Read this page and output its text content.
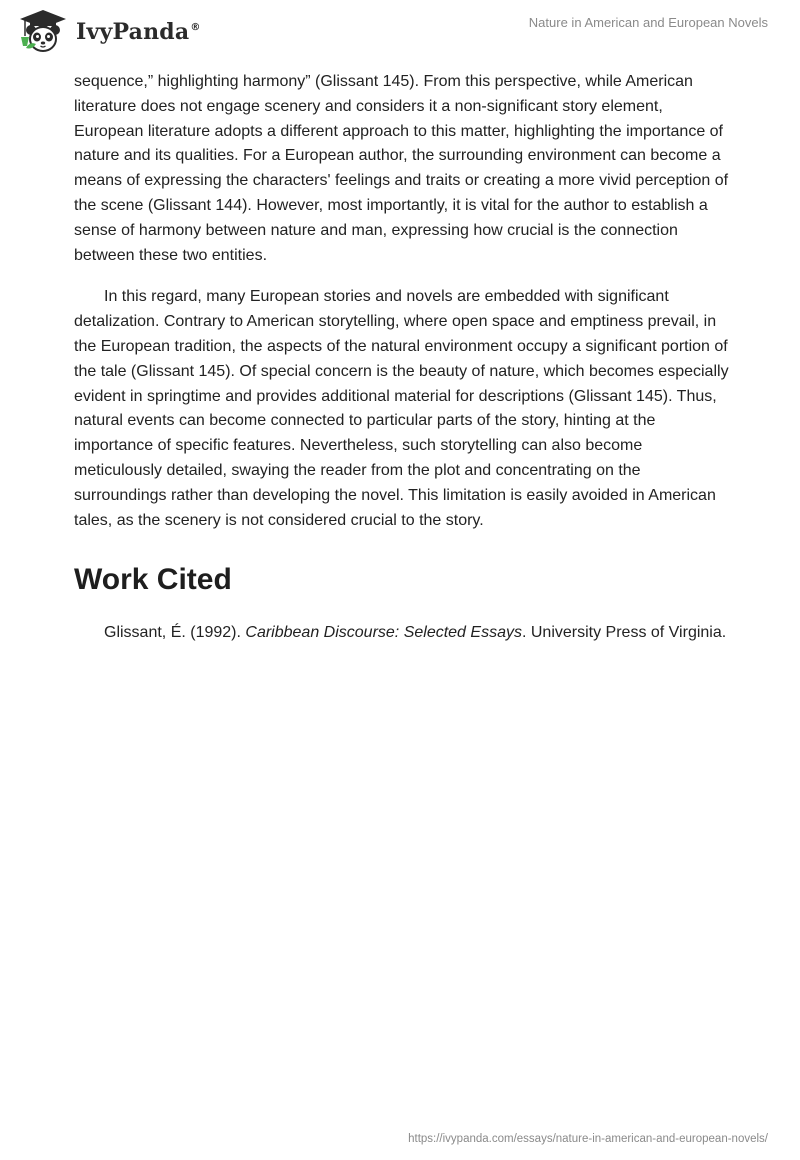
IvyPanda®	Nature in American and European Novels

sequence,” highlighting harmony” (Glissant 145). From this perspective, while American literature does not engage scenery and considers it a non-significant story element, European literature adopts a different approach to this matter, highlighting the importance of nature and its qualities. For a European author, the surrounding environment can become a means of expressing the characters' feelings and traits or creating a more vivid perception of the scene (Glissant 144). However, most importantly, it is vital for the author to establish a sense of harmony between nature and man, expressing how crucial is the connection between these two entities.

In this regard, many European stories and novels are embedded with significant detalization. Contrary to American storytelling, where open space and emptiness prevail, in the European tradition, the aspects of the natural environment occupy a significant portion of the tale (Glissant 145). Of special concern is the beauty of nature, which becomes especially evident in springtime and provides additional material for descriptions (Glissant 145). Thus, natural events can become connected to particular parts of the story, hinting at the importance of specific features. Nevertheless, such storytelling can also become meticulously detailed, swaying the reader from the plot and concentrating on the surroundings rather than developing the novel. This limitation is easily avoided in American tales, as the scenery is not considered crucial to the story.

Work Cited

Glissant, É. (1992). Caribbean Discourse: Selected Essays. University Press of Virginia.

https://ivypanda.com/essays/nature-in-american-and-european-novels/
